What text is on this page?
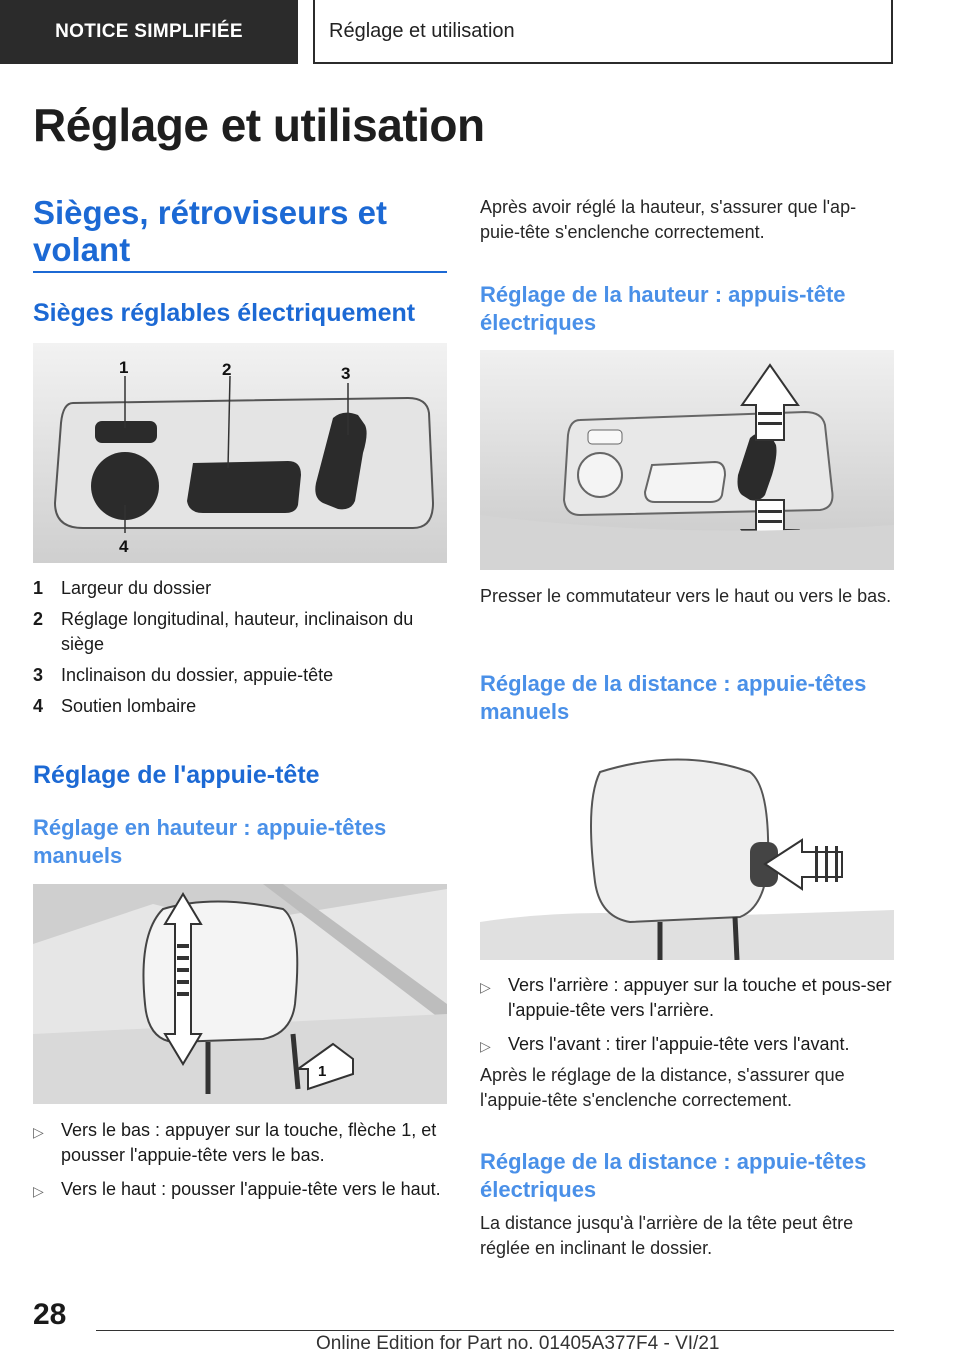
NOTICE SIMPLIFIÉE	Réglage et utilisation
Réglage et utilisation
Sièges, rétroviseurs et volant
Sièges réglables électriquement
1	2	3
4
1 Largeur du dossier
2 Réglage longitudinal, hauteur, inclinaison du siège
3 Inclinaison du dossier, appuie-tête
4 Soutien lombaire
Réglage de l'appuie-tête
Réglage en hauteur : appuie-têtes manuels
1
▷ Vers le bas : appuyer sur la touche, flèche 1, et pousser l'appuie-tête vers le bas.
▷ Vers le haut : pousser l'appuie-tête vers le haut.
Après avoir réglé la hauteur, s'assurer que l'ap‐puie-tête s'enclenche correctement.
Réglage de la hauteur : appuis-tête électriques
Presser le commutateur vers le haut ou vers le bas.
Réglage de la distance : appuie-têtes manuels
▷ Vers l'arrière : appuyer sur la touche et pous‐ser l'appuie-tête vers l'arrière.
▷ Vers l'avant : tirer l'appuie-tête vers l'avant.
Après le réglage de la distance, s'assurer que l'appuie-tête s'enclenche correctement.
Réglage de la distance : appuie-têtes électriques
La distance jusqu'à l'arrière de la tête peut être réglée en inclinant le dossier.
28
Online Edition for Part no. 01405A377F4 - VI/21
